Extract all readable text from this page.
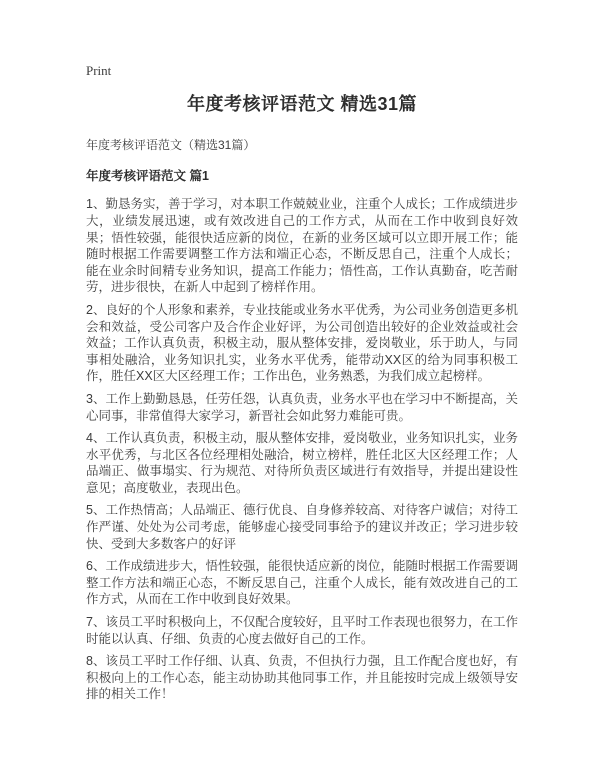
Print
年度考核评语范文 精选31篇

年度考核评语范文（精选31篇）

年度考核评语范文 篇1

1、勤恳务实，善于学习，对本职工作兢兢业业，注重个人成长；工作成绩进步大，业绩发展迅速，或有效改进自己的工作方式，从而在工作中收到良好效果；悟性较强，能很快适应新的岗位，在新的业务区域可以立即开展工作；能随时根据工作需要调整工作方法和端正心态，不断反思自己，注重个人成长；能在业余时间精专业务知识，提高工作能力；悟性高，工作认真勤奋，吃苦耐劳，进步很快，在新人中起到了榜样作用。

2、良好的个人形象和素养，专业技能或业务水平优秀，为公司业务创造更多机会和效益，受公司客户及合作企业好评，为公司创造出较好的企业效益或社会效益；工作认真负责，积极主动，服从整体安排，爱岗敬业，乐于助人，与同事相处融洽，业务知识扎实，业务水平优秀，能带动XX区的给为同事积极工作，胜任XX区大区经理工作；工作出色，业务熟悉，为我们成立起榜样。

3、工作上勤勤恳恳，任劳任怨，认真负责，业务水平也在学习中不断提高，关心同事，非常值得大家学习，新晋社会如此努力难能可贵。

4、工作认真负责，积极主动，服从整体安排，爱岗敬业，业务知识扎实，业务水平优秀，与北区各位经理相处融洽，树立榜样，胜任北区大区经理工作；人品端正、做事塌实、行为规范、对待所负责区域进行有效指导，并提出建设性意见；高度敬业，表现出色。

5、工作热情高；人品端正、德行优良、自身修养较高、对待客户诚信；对待工作严谨、处处为公司考虑，能够虚心接受同事给予的建议并改正；学习进步较快、受到大多数客户的好评

6、工作成绩进步大，悟性较强，能很快适应新的岗位，能随时根据工作需要调整工作方法和端正心态，不断反思自己，注重个人成长，能有效改进自己的工作方式，从而在工作中收到良好效果。

7、该员工平时积极向上，不仅配合度较好，且平时工作表现也很努力，在工作时能以认真、仔细、负责的心度去做好自己的工作。

8、该员工平时工作仔细、认真、负责，不但执行力强，且工作配合度也好，有积极向上的工作心态，能主动协助其他同事工作，并且能按时完成上级领导安排的相关工作！
